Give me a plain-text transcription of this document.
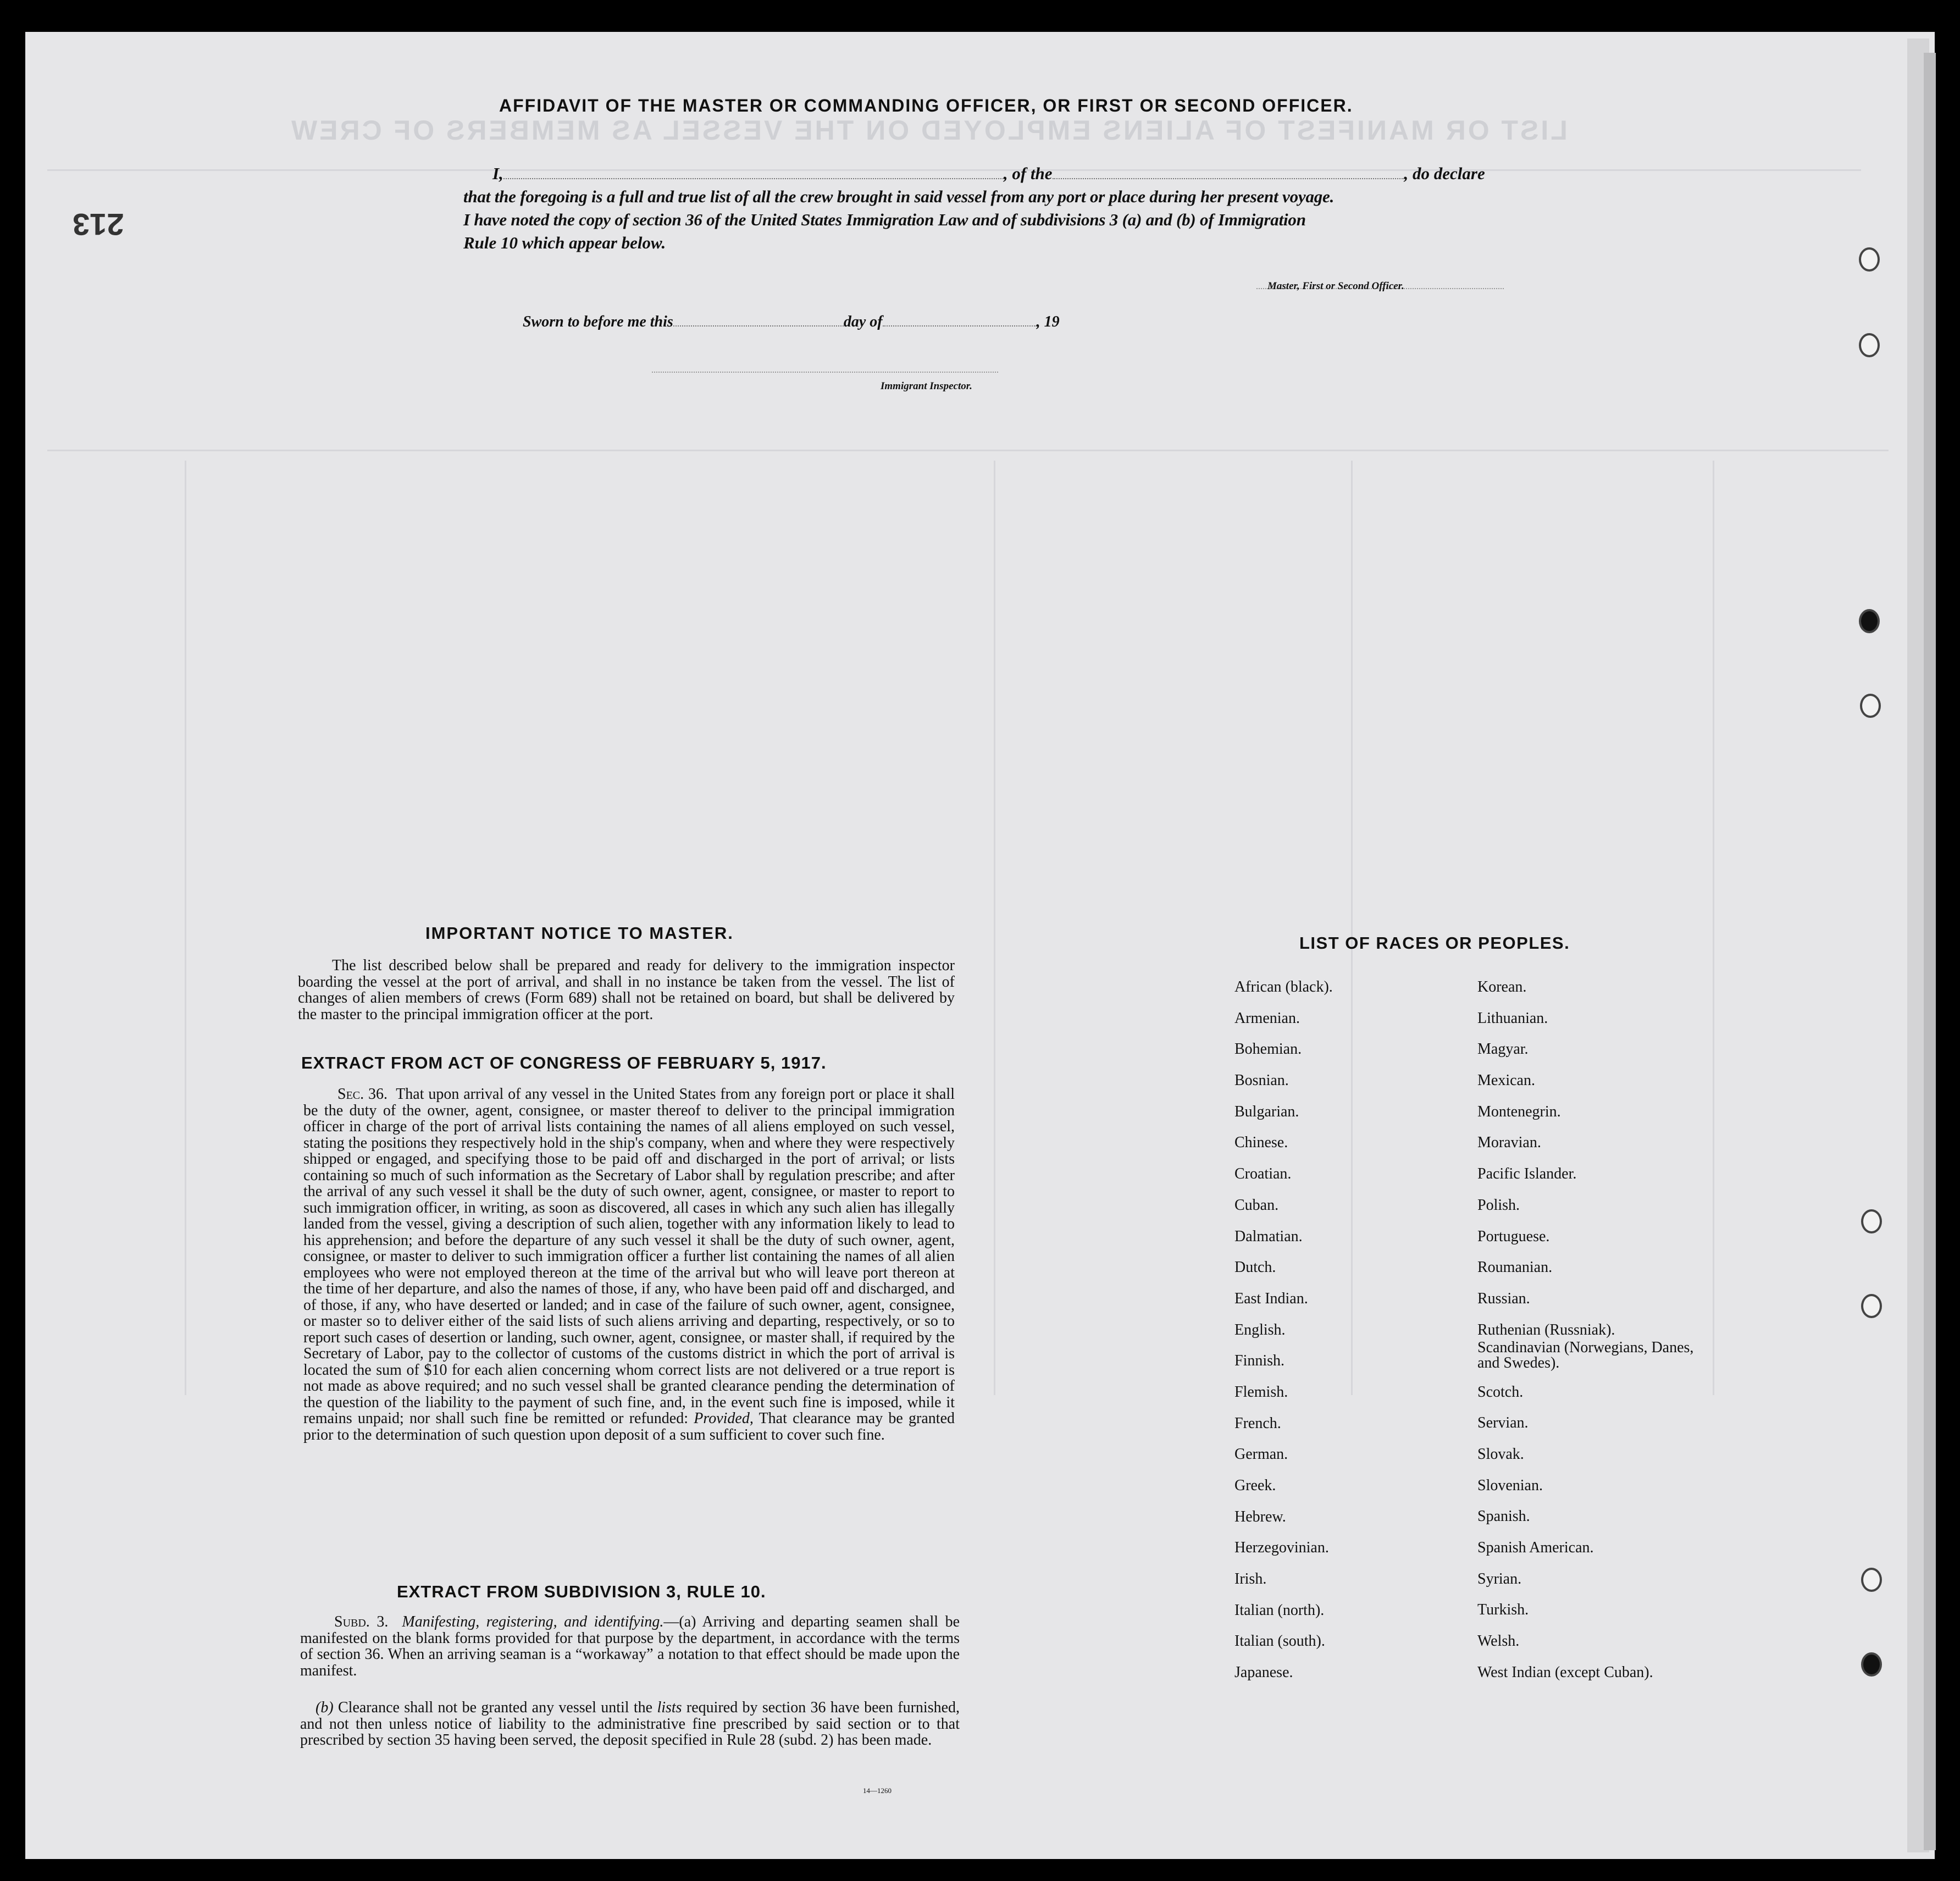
LIST OR MANIFEST OF ALIENS EMPLOYED ON THE VESSEL AS MEMBERS OF CREW
213
AFFIDAVIT OF THE MASTER OR COMMANDING OFFICER, OR FIRST OR SECOND OFFICER.
I,	, of the	, do declare
that the foregoing is a full and true list of all the crew brought in said vessel from any port or place during her present voyage.
I have noted the copy of section 36 of the United States Immigration Law and of subdivisions 3 (a) and (b) of Immigration
Rule 10 which appear below.
Master, First or Second Officer.
Sworn to before me this	day of	, 19
Immigrant Inspector.
IMPORTANT NOTICE TO MASTER.
The list described below shall be prepared and ready for delivery to the immigration inspector boarding the vessel at the port of arrival, and shall in no instance be taken from the vessel. The list of changes of alien members of crews (Form 689) shall not be retained on board, but shall be delivered by the master to the principal immigration officer at the port.
EXTRACT FROM ACT OF CONGRESS OF FEBRUARY 5, 1917.
Sec. 36. That upon arrival of any vessel in the United States from any foreign port or place it shall be the duty of the owner, agent, consignee, or master thereof to deliver to the principal immigration officer in charge of the port of arrival lists containing the names of all aliens employed on such vessel, stating the positions they respectively hold in the ship's company, when and where they were respectively shipped or engaged, and specifying those to be paid off and discharged in the port of arrival; or lists containing so much of such information as the Secretary of Labor shall by regulation prescribe; and after the arrival of any such vessel it shall be the duty of such owner, agent, consignee, or master to report to such immigration officer, in writing, as soon as discovered, all cases in which any such alien has illegally landed from the vessel, giving a description of such alien, together with any information likely to lead to his apprehension; and before the departure of any such vessel it shall be the duty of such owner, agent, consignee, or master to deliver to such immigration officer a further list containing the names of all alien employees who were not employed thereon at the time of the arrival but who will leave port thereon at the time of her departure, and also the names of those, if any, who have been paid off and discharged, and of those, if any, who have deserted or landed; and in case of the failure of such owner, agent, consignee, or master so to deliver either of the said lists of such aliens arriving and departing, respectively, or so to report such cases of desertion or landing, such owner, agent, consignee, or master shall, if required by the Secretary of Labor, pay to the collector of customs of the customs district in which the port of arrival is located the sum of $10 for each alien concerning whom correct lists are not delivered or a true report is not made as above required; and no such vessel shall be granted clearance pending the determination of the question of the liability to the payment of such fine, and, in the event such fine is imposed, while it remains unpaid; nor shall such fine be remitted or refunded: Provided, That clearance may be granted prior to the determination of such question upon deposit of a sum sufficient to cover such fine.
EXTRACT FROM SUBDIVISION 3, RULE 10.
Subd. 3. Manifesting, registering, and identifying.—(a) Arriving and departing seamen shall be manifested on the blank forms provided for that purpose by the department, in accordance with the terms of section 36. When an arriving seaman is a “workaway” a notation to that effect should be made upon the manifest.
(b) Clearance shall not be granted any vessel until the lists required by section 36 have been furnished, and not then unless notice of liability to the administrative fine prescribed by said section or to that prescribed by section 35 having been served, the deposit specified in Rule 28 (subd. 2) has been made.
14—1260
LIST OF RACES OR PEOPLES.
African (black).
Armenian.
Bohemian.
Bosnian.
Bulgarian.
Chinese.
Croatian.
Cuban.
Dalmatian.
Dutch.
East Indian.
English.
Finnish.
Flemish.
French.
German.
Greek.
Hebrew.
Herzegovinian.
Irish.
Italian (north).
Italian (south).
Japanese.
Korean.
Lithuanian.
Magyar.
Mexican.
Montenegrin.
Moravian.
Pacific Islander.
Polish.
Portuguese.
Roumanian.
Russian.
Ruthenian (Russniak).
Scandinavian (Norwegians, Danes, and Swedes).
Scotch.
Servian.
Slovak.
Slovenian.
Spanish.
Spanish American.
Syrian.
Turkish.
Welsh.
West Indian (except Cuban).
